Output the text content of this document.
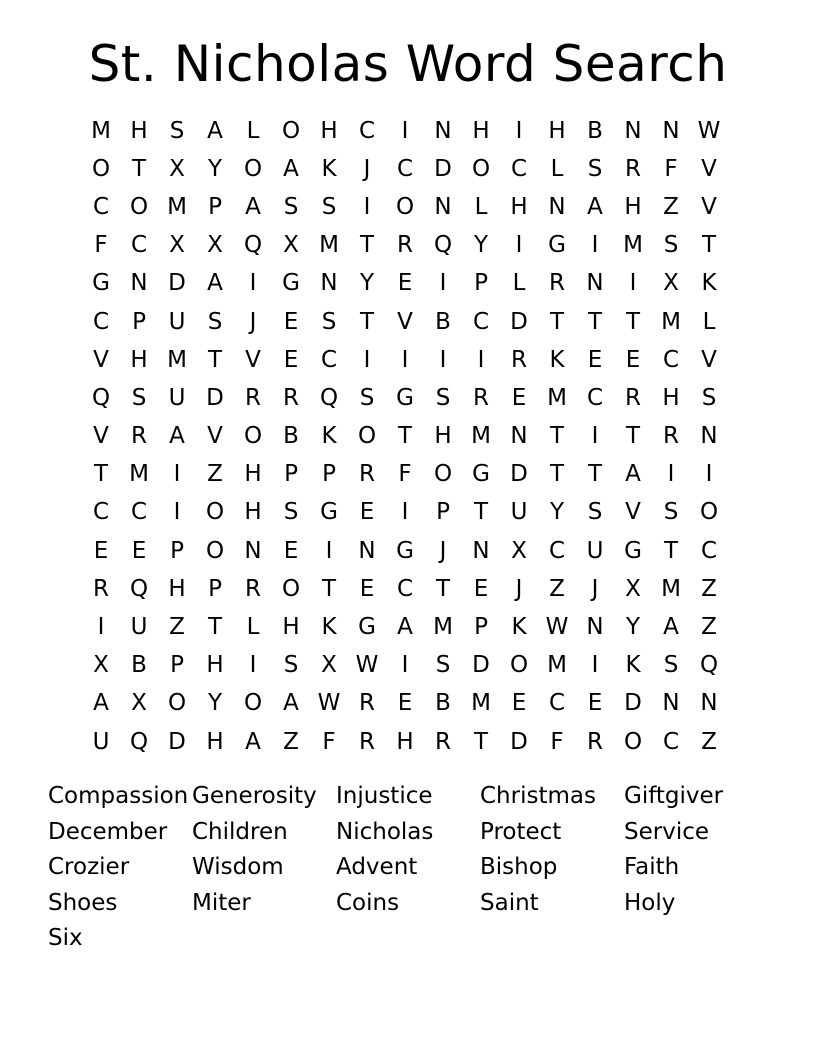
St. Nicholas Word Search
M H S A	L O H C	I	N H	I	H B N N W
O T	X	Y O A K	J	C D O C	L	S R	F	V
C O M P	A S	S	I	O N L H N A H Z V
F	C X X Q X M T R Q Y	I	G	I	M S	T
G N D A	I	G N Y	E	I	P	L	R N	I	X K
C	P U S	J	E	S	T	V B C D T	T	T M L
V H M T	V E C	I	I	I	I	R K	E	E C V
Q S U D R R Q S G S R E M C R H S
V R A V O B K O T H M N T	I	T R N
T M	I	Z H P	P	R	F O G D T	T	A	I	I
C C	I	O H S G E	I	P	T U Y	S V S O
E	E	P O N E	I	N G	J	N X C U G T C
R Q H P	R O T	E C T	E	J	Z	J	X M Z
I	U Z	T	L H K G A M P	K W N Y	A Z
X B	P H	I	S X W	I	S D O M	I	K	S Q
A X O Y O A W R E B M E C E D N N
U Q D H A Z	F	R H R T D F	R O C Z
Compassion Generosity Injustice	Christmas	Giftgiver
December	Children	Nicholas	Protect	Service
Crozier	Wisdom	Advent	Bishop	Faith
Shoes	Miter	Coins	Saint	Holy
Six
